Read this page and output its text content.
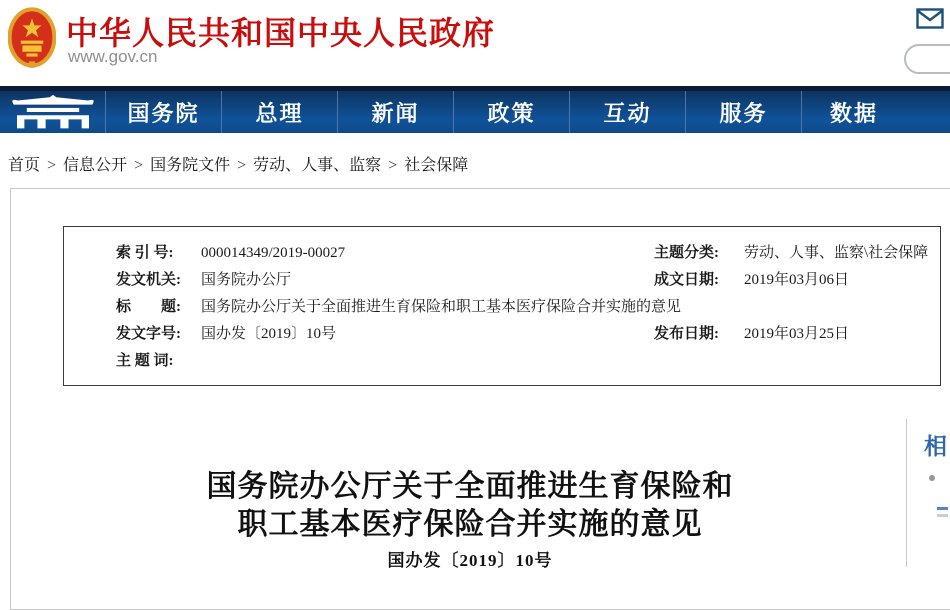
中华人民共和国中央人民政府
www.gov.cn
国务院	总理	新闻	政策	互动	服务	数据
首页 > 信息公开 > 国务院文件 > 劳动、人事、监察 > 社会保障
索 引 号: 000014349/2019-00027	主题分类: 劳动、人事、监察\社会保障
发文机关: 国务院办公厅	成文日期: 2019年03月06日
标　　题: 国务院办公厅关于全面推进生育保险和职工基本医疗保险合并实施的意见
发文字号: 国办发〔2019〕10号	发布日期: 2019年03月25日
主 题 词:
国务院办公厅关于全面推进生育保险和
职工基本医疗保险合并实施的意见
国办发〔2019〕10号
相
